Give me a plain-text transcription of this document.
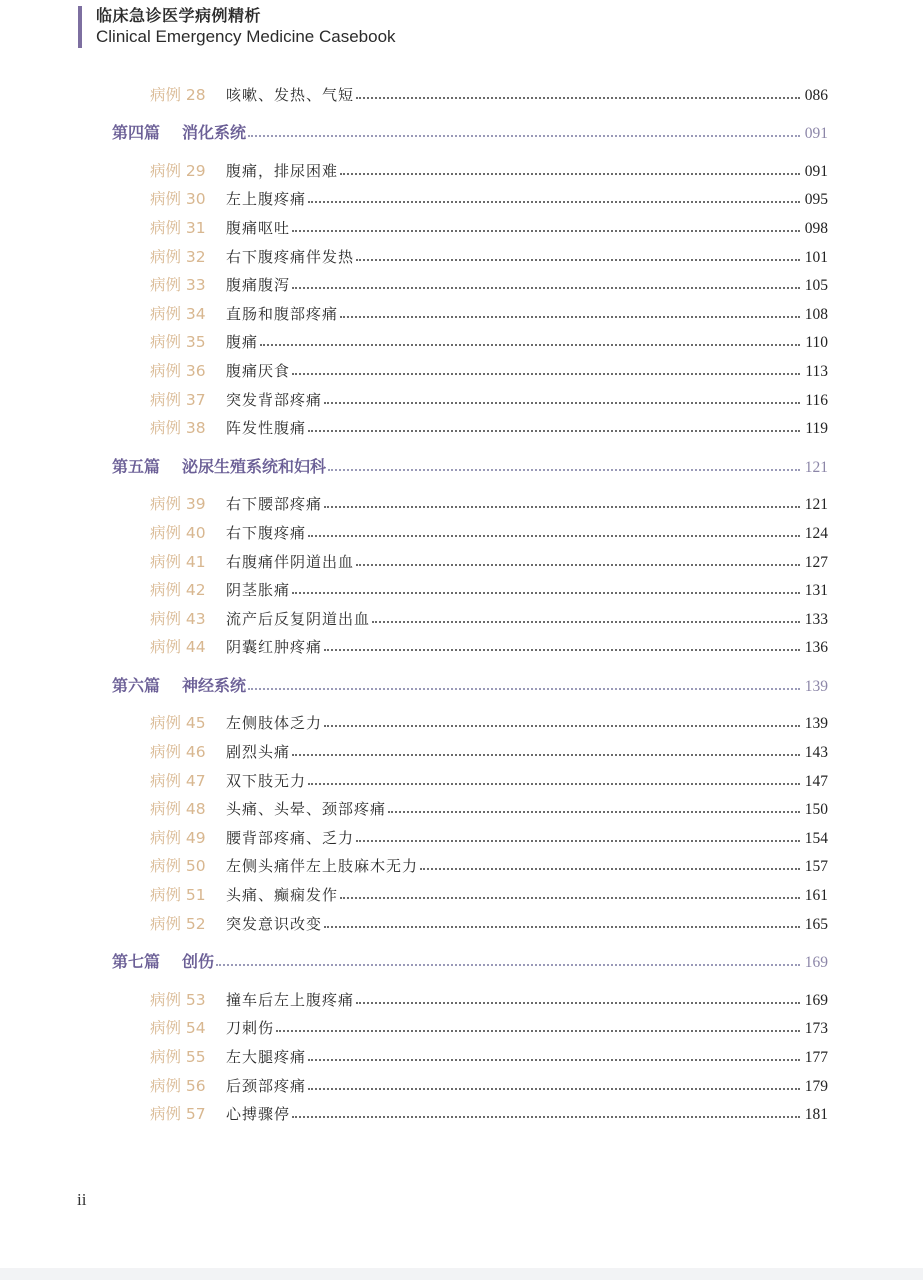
临床急诊医学病例精析
Clinical Emergency Medicine Casebook
病例 28	咳嗽、发热、气短	086
第四篇	消化系统	091
病例 29	腹痛，排尿困难	091
病例 30	左上腹疼痛	095
病例 31	腹痛呕吐	098
病例 32	右下腹疼痛伴发热	101
病例 33	腹痛腹泻	105
病例 34	直肠和腹部疼痛	108
病例 35	腹痛	110
病例 36	腹痛厌食	113
病例 37	突发背部疼痛	116
病例 38	阵发性腹痛	119
第五篇	泌尿生殖系统和妇科	121
病例 39	右下腰部疼痛	121
病例 40	右下腹疼痛	124
病例 41	右腹痛伴阴道出血	127
病例 42	阴茎胀痛	131
病例 43	流产后反复阴道出血	133
病例 44	阴囊红肿疼痛	136
第六篇	神经系统	139
病例 45	左侧肢体乏力	139
病例 46	剧烈头痛	143
病例 47	双下肢无力	147
病例 48	头痛、头晕、颈部疼痛	150
病例 49	腰背部疼痛、乏力	154
病例 50	左侧头痛伴左上肢麻木无力	157
病例 51	头痛、癫痫发作	161
病例 52	突发意识改变	165
第七篇	创伤	169
病例 53	撞车后左上腹疼痛	169
病例 54	刀刺伤	173
病例 55	左大腿疼痛	177
病例 56	后颈部疼痛	179
病例 57	心搏骤停	181
ii
